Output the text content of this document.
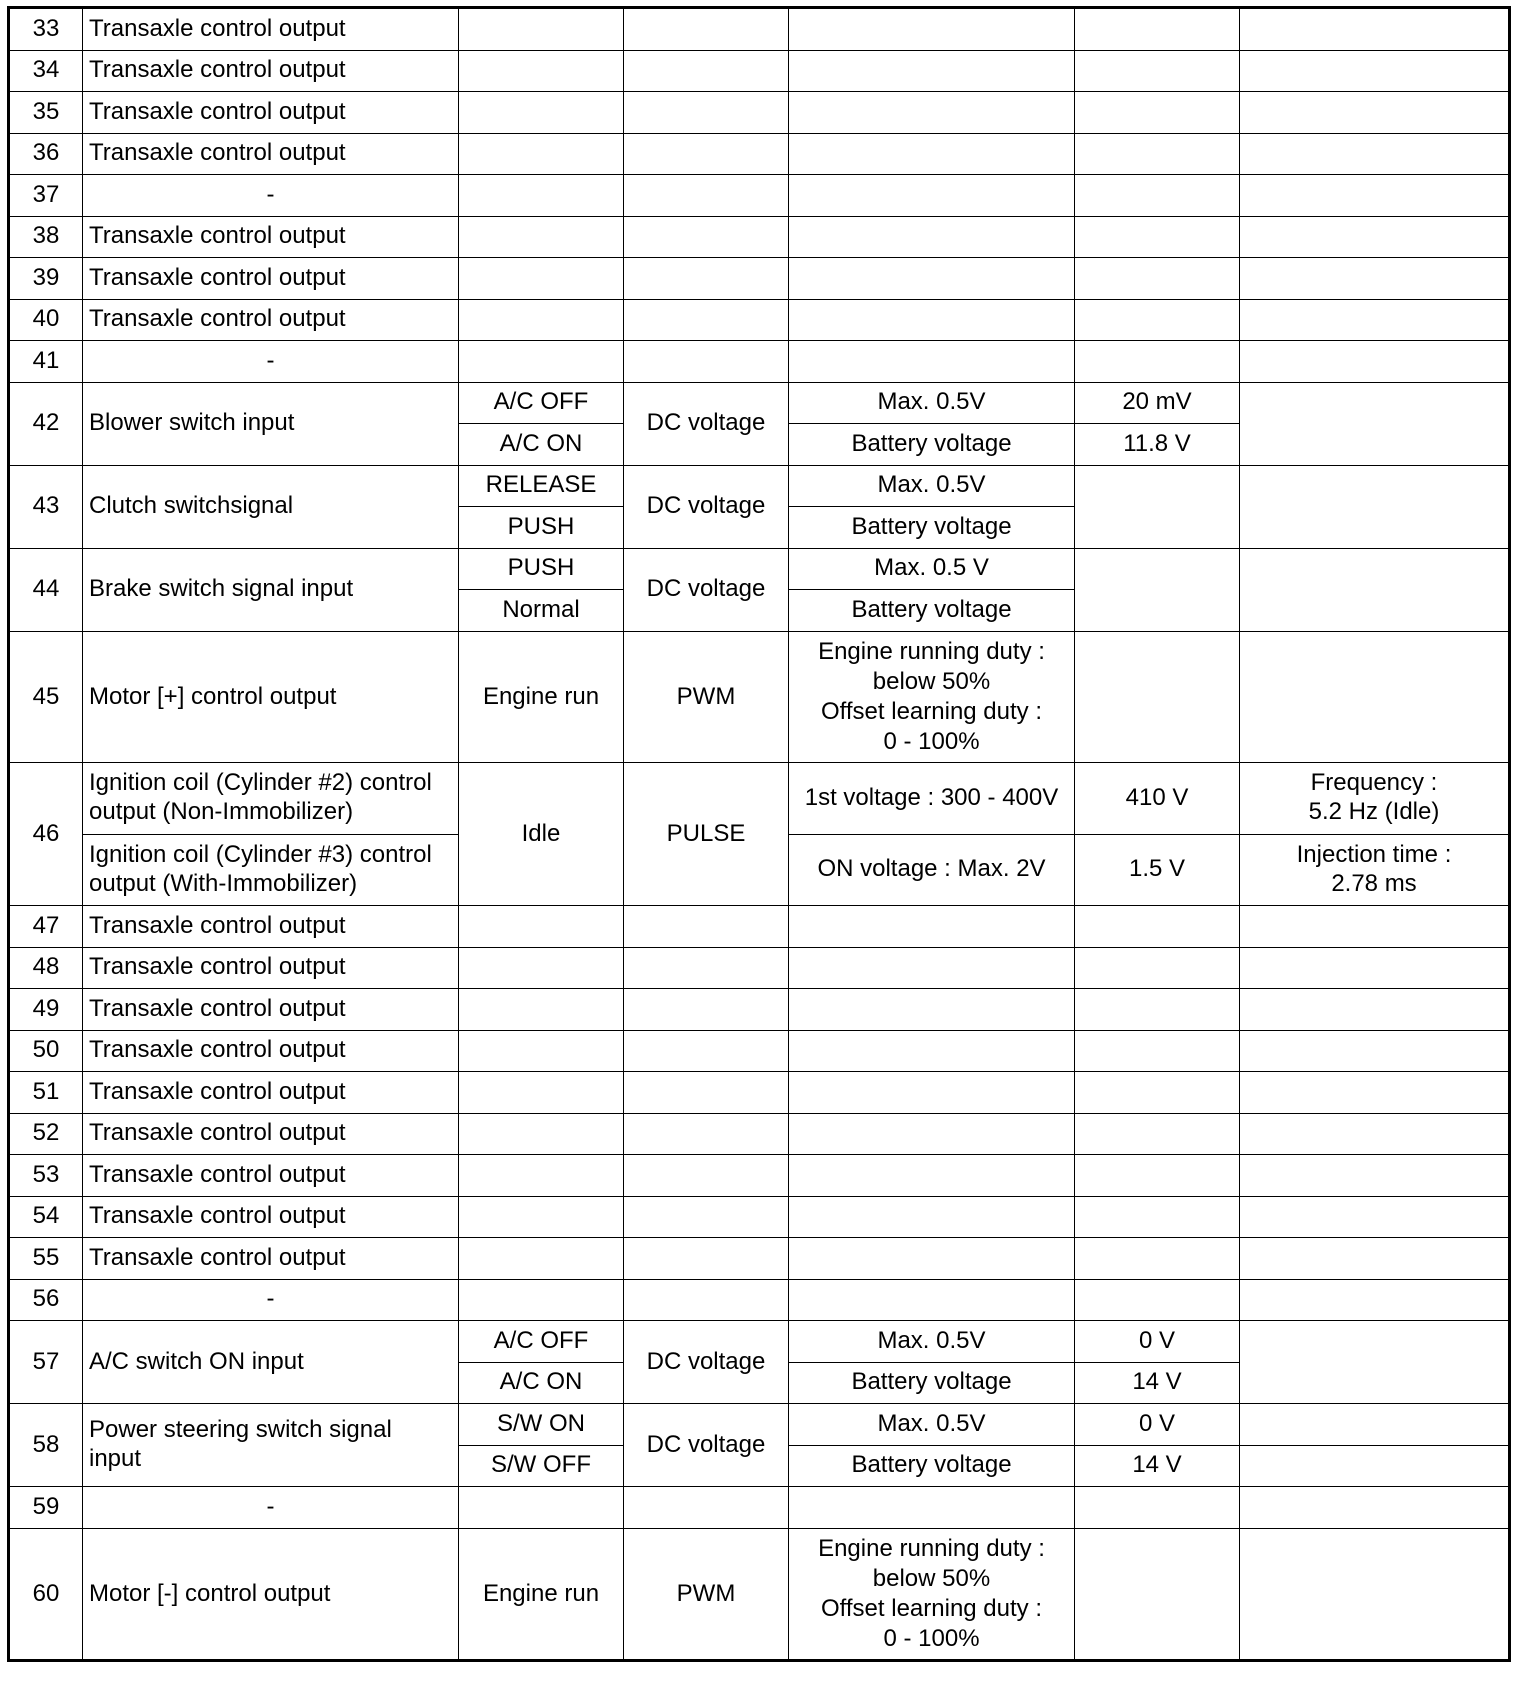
33	Transaxle control output					
34	Transaxle control output					
35	Transaxle control output					
36	Transaxle control output					
37	-					
38	Transaxle control output					
39	Transaxle control output					
40	Transaxle control output					
41	-					
42	Blower switch input	A/C OFF	DC voltage	Max. 0.5V	20 mV	
		A/C ON		Battery voltage	11.8 V	
43	Clutch switchsignal	RELEASE	DC voltage	Max. 0.5V		
		PUSH		Battery voltage		
44	Brake switch signal input	PUSH	DC voltage	Max. 0.5 V		
		Normal		Battery voltage		
45	Motor [+] control output	Engine run	PWM	Engine running duty :
below 50%
Offset learning duty :
0 - 100%		

46	Ignition coil (Cylinder #2) control
output (Non-Immobilizer)	Idle	PULSE	1st voltage : 300 - 400V	410 V	Frequency :
5.2 Hz (Idle)

	Ignition coil (Cylinder #3) control
output (With-Immobilizer)			ON voltage : Max. 2V	1.5 V	Injection time :
2.78 ms

47	Transaxle control output					
48	Transaxle control output					
49	Transaxle control output					
50	Transaxle control output					
51	Transaxle control output					
52	Transaxle control output					
53	Transaxle control output					
54	Transaxle control output					
55	Transaxle control output					
56	-					
57	A/C switch ON input	A/C OFF	DC voltage	Max. 0.5V	0 V	
		A/C ON		Battery voltage	14 V	
58	Power steering switch signal
input	S/W ON	DC voltage	Max. 0.5V	0 V	
		S/W OFF		Battery voltage	14 V	
59	-					
60	Motor [-] control output	Engine run	PWM	Engine running duty :
below 50%
Offset learning duty :
0 - 100%		
